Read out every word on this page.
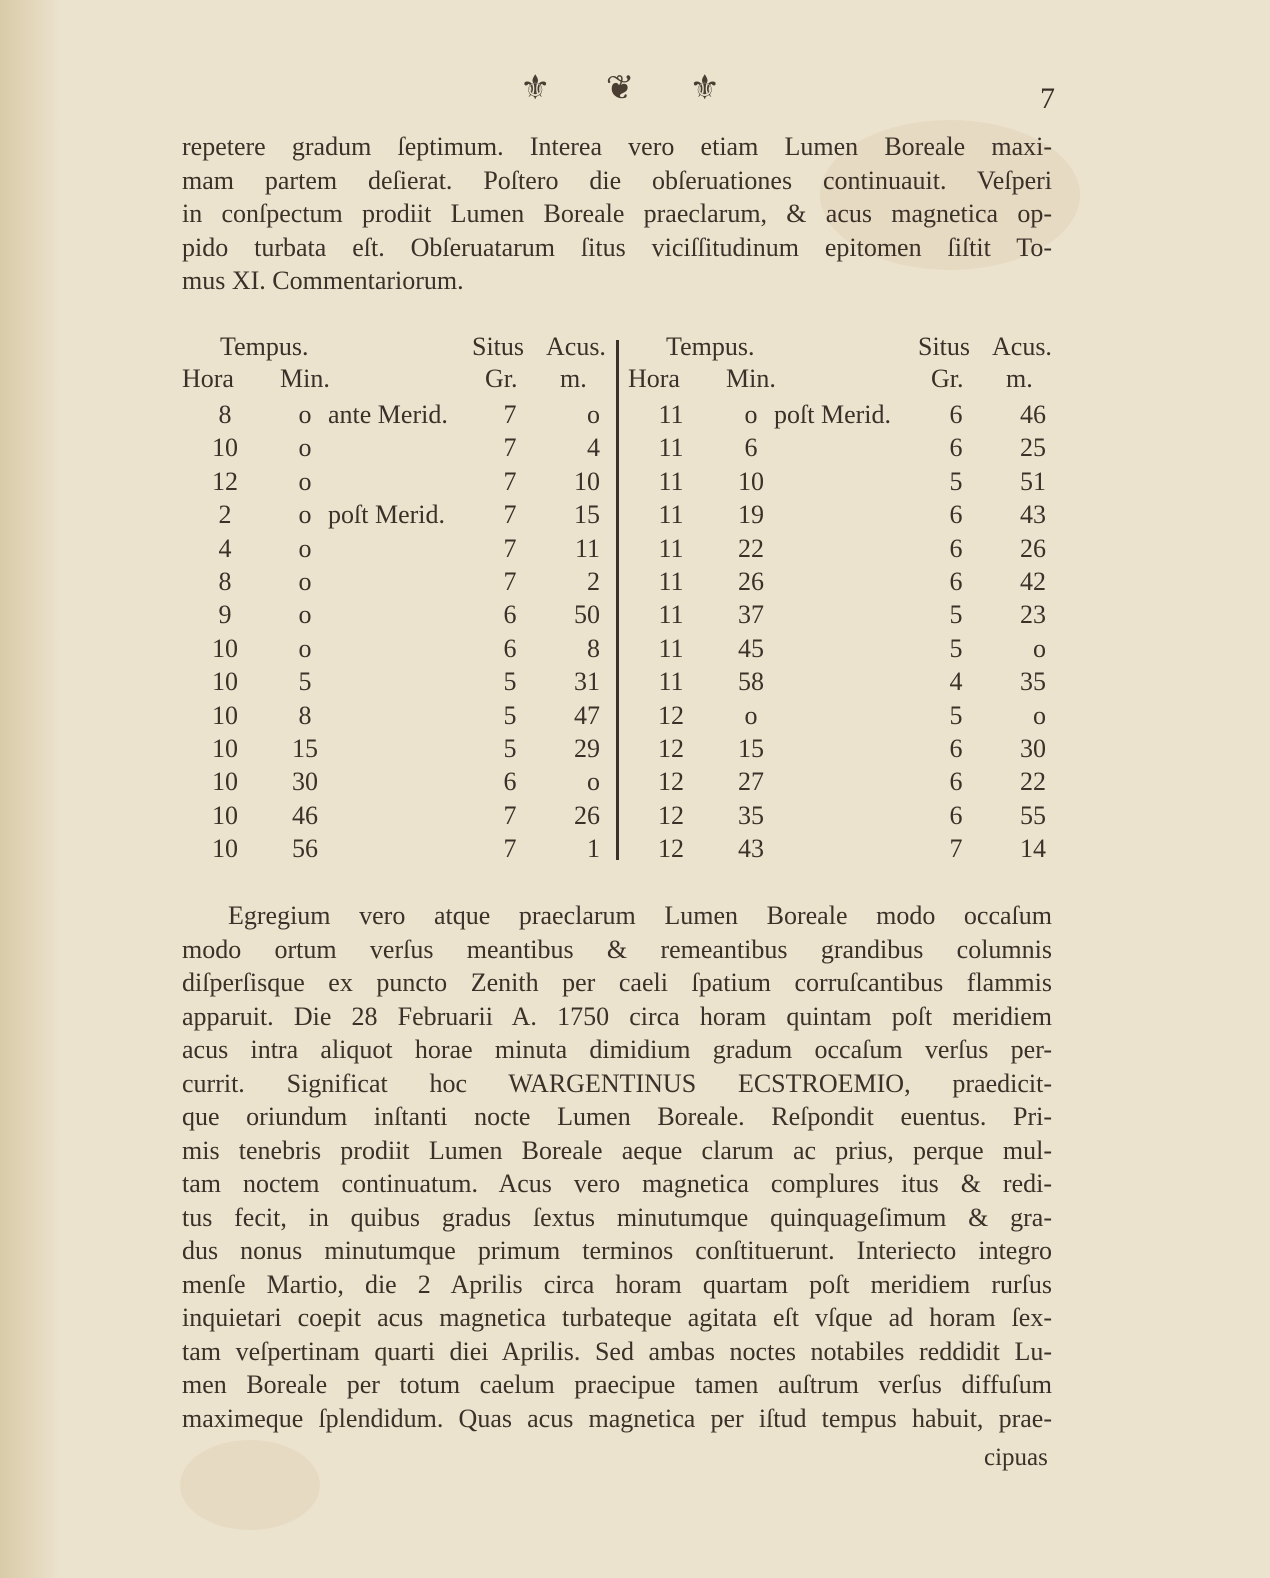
⚜ ❦ ⚜	7
repetere gradum ſeptimum. Interea vero etiam Lumen Boreale maxi-
mam partem deſierat. Poſtero die obſeruationes continuauit. Veſperi
in conſpectum prodiit Lumen Boreale praeclarum, & acus magnetica op-
pido turbata eſt. Obſeruatarum ſitus viciſſitudinum epitomen ſiſtit To-
mus XI. Commentariorum.
Tempus.	Situs Acus.
Hora Min.	Gr. m.
8	o ante Merid.	7	o
10	o	7	4
12	o	7	10
2	o poſt Merid.	7	15
4	o	7	11
8	o	7	2
9	o	6	50
10	o	6	8
10	5	5	31
10	8	5	47
10	15	5	29
10	30	6	o
10	46	7	26
10	56	7	1
Tempus.	Situs Acus.
Hora Min.	Gr. m.
11	o poſt Merid.	6	46
11	6	6	25
11	10	5	51
11	19	6	43
11	22	6	26
11	26	6	42
11	37	5	23
11	45	5	o
11	58	4	35
12	o	5	o
12	15	6	30
12	27	6	22
12	35	6	55
12	43	7	14
Egregium vero atque praeclarum Lumen Boreale modo occaſum
modo ortum verſus meantibus & remeantibus grandibus columnis
diſperſisque ex puncto Zenith per caeli ſpatium corruſcantibus flammis
apparuit. Die 28 Februarii A. 1750 circa horam quintam poſt meridiem
acus intra aliquot horae minuta dimidium gradum occaſum verſus per-
currit. Significat hoc WARGENTINUS ECSTROEMIO, praedicit-
que oriundum inſtanti nocte Lumen Boreale. Reſpondit euentus. Pri-
mis tenebris prodiit Lumen Boreale aeque clarum ac prius, perque mul-
tam noctem continuatum. Acus vero magnetica complures itus & redi-
tus fecit, in quibus gradus ſextus minutumque quinquageſimum & gra-
dus nonus minutumque primum terminos conſtituerunt. Interiecto integro
menſe Martio, die 2 Aprilis circa horam quartam poſt meridiem rurſus
inquietari coepit acus magnetica turbateque agitata eſt vſque ad horam ſex-
tam veſpertinam quarti diei Aprilis. Sed ambas noctes notabiles reddidit Lu-
men Boreale per totum caelum praecipue tamen auſtrum verſus diffuſum
maximeque ſplendidum. Quas acus magnetica per iſtud tempus habuit, prae-
cipuas
